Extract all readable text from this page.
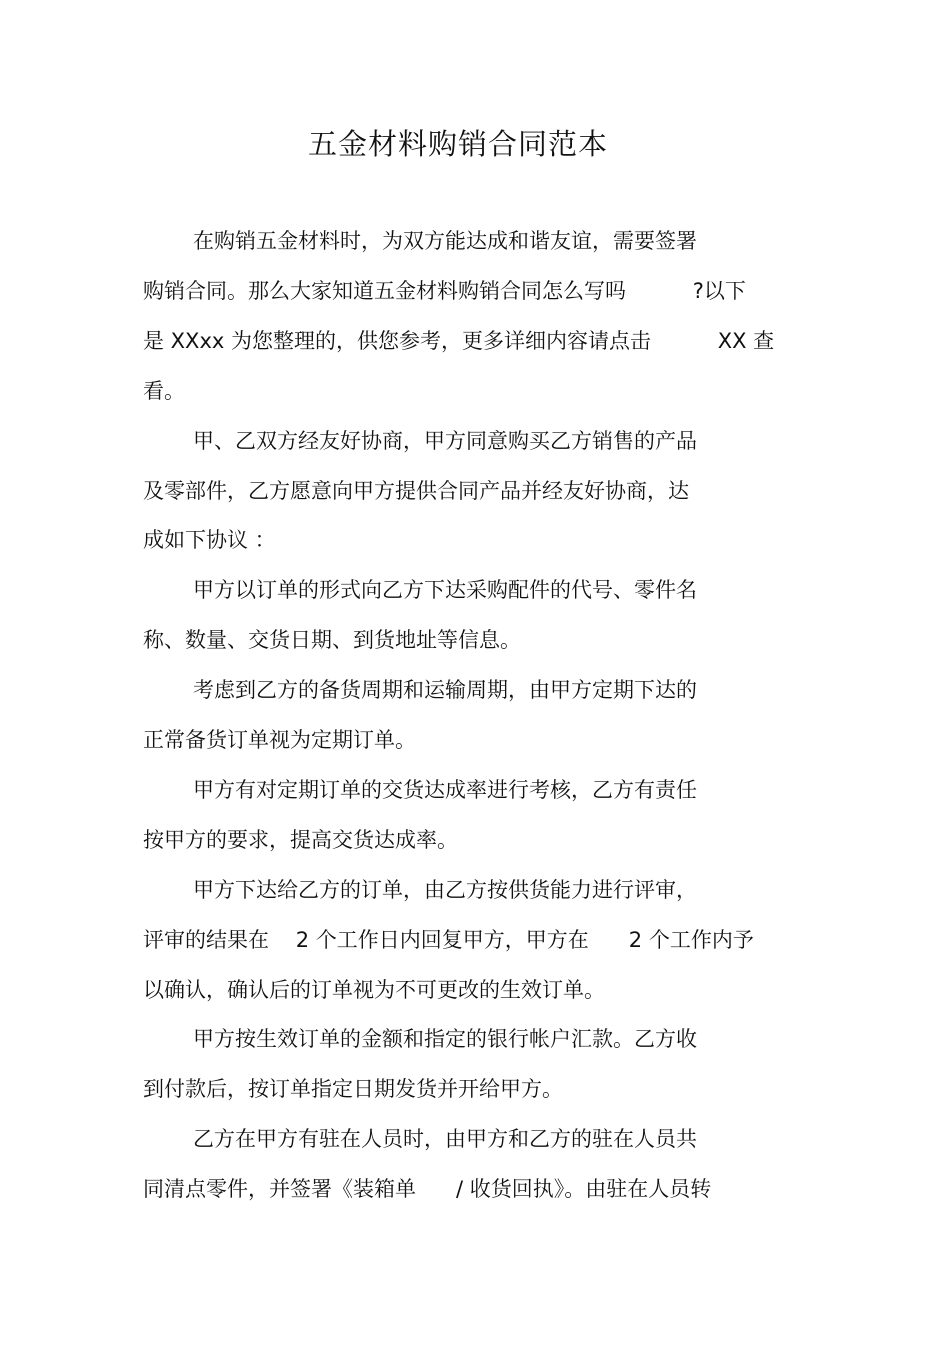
五金材料购销合同范本
在购销五金材料时，为双方能达成和谐友谊，需要签署
购销合同。那么大家知道五金材料购销合同怎么写吗          ?以下
是 XXxx 为您整理的，供您参考，更多详细内容请点击          XX 查
看。
甲、乙双方经友好协商，甲方同意购买乙方销售的产品
及零部件，乙方愿意向甲方提供合同产品并经友好协商，达
成如下协议 ：
甲方以订单的形式向乙方下达采购配件的代号、零件名
称、数量、交货日期、到货地址等信息。
考虑到乙方的备货周期和运输周期，由甲方定期下达的
正常备货订单视为定期订单。
甲方有对定期订单的交货达成率进行考核，乙方有责任
按甲方的要求，提高交货达成率。
甲方下达给乙方的订单，由乙方按供货能力进行评审，
评审的结果在    2 个工作日内回复甲方，甲方在      2 个工作内予
以确认，确认后的订单视为不可更改的生效订单。
甲方按生效订单的金额和指定的银行帐户汇款。乙方收
到付款后，按订单指定日期发货并开给甲方。
乙方在甲方有驻在人员时，由甲方和乙方的驻在人员共
同清点零件，并签署《装箱单      / 收货回执》。由驻在人员转
